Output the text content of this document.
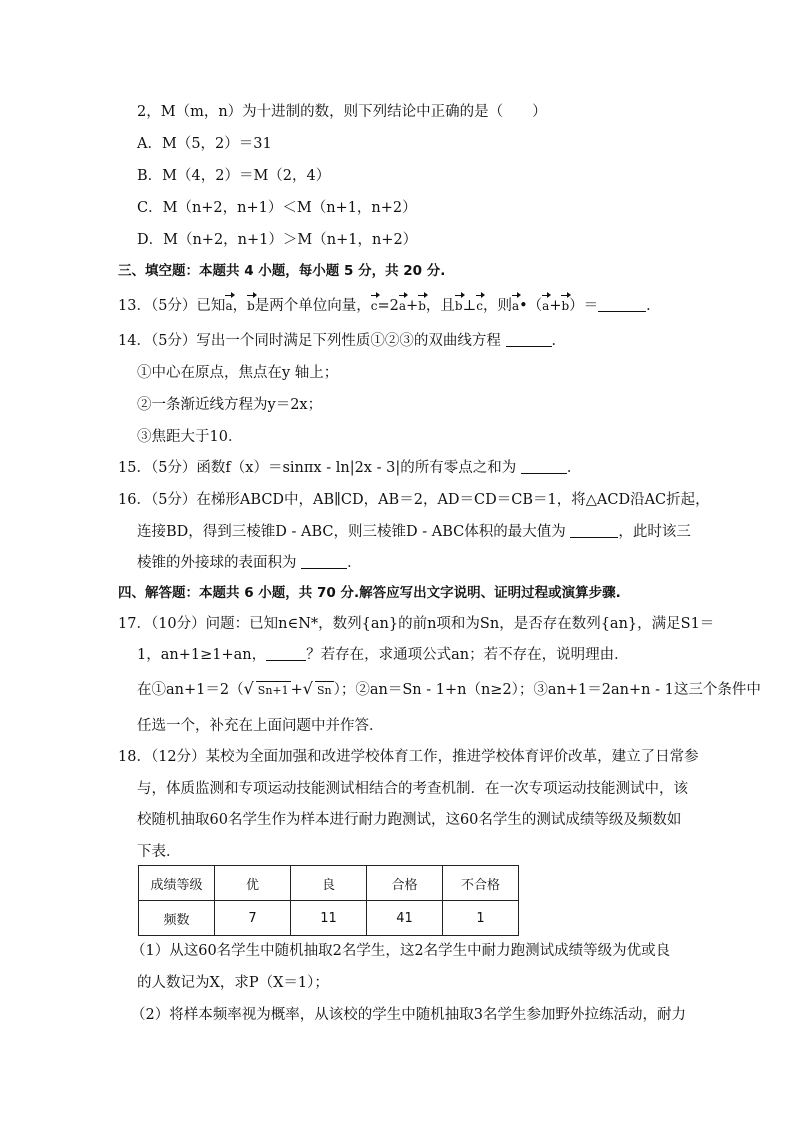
2，M（m，n）为十进制的数，则下列结论中正确的是（　　）
A．M（5，2）＝31
B．M（4，2）＝M（2，4）
C．M（n+2，n+1）＜M（n+1，n+2）
D．M（n+2，n+1）＞M（n+1，n+2）
三、填空题：本题共 4 小题，每小题 5 分，共 20 分.
13．（5分）已知a，b是两个单位向量，c=2a+b，且b⊥c，则a•（a+b）＝	．
14．（5分）写出一个同时满足下列性质①②③的双曲线方程	．
①中心在原点，焦点在y 轴上；
②一条渐近线方程为y＝2x；
③焦距大于10．
15．（5分）函数f（x）＝sinπx - ln|2x - 3|的所有零点之和为	．
16．（5分）在梯形ABCD中，AB∥CD，AB＝2，AD＝CD＝CB＝1，将△ACD沿AC折起，
连接BD，得到三棱锥D - ABC，则三棱锥D - ABC体积的最大值为	，此时该三
棱锥的外接球的表面积为	．
四、解答题：本题共 6 小题，共 70 分.解答应写出文字说明、证明过程或演算步骤.
17．（10分）问题：已知n∈N*，数列{an}的前n项和为Sn，是否存在数列{an}，满足S1＝
1，an+1≥1+an，	？若存在，求通项公式an；若不存在，说明理由．
在①an+1＝2（√ Sn+1 +√ Sn ）；②an＝Sn - 1+n（n≥2）；③an+1＝2an+n - 1这三个条件中
任选一个，补充在上面问题中并作答．
18．（12分）某校为全面加强和改进学校体育工作，推进学校体育评价改革，建立了日常参
与，体质监测和专项运动技能测试相结合的考查机制．在一次专项运动技能测试中，该
校随机抽取60名学生作为样本进行耐力跑测试，这60名学生的测试成绩等级及频数如
下表．
成绩等级	优	良	合格	不合格
频数	7	11	41	1
（1）从这60名学生中随机抽取2名学生，这2名学生中耐力跑测试成绩等级为优或良
的人数记为X，求P（X＝1）；
（2）将样本频率视为概率，从该校的学生中随机抽取3名学生参加野外拉练活动，耐力
